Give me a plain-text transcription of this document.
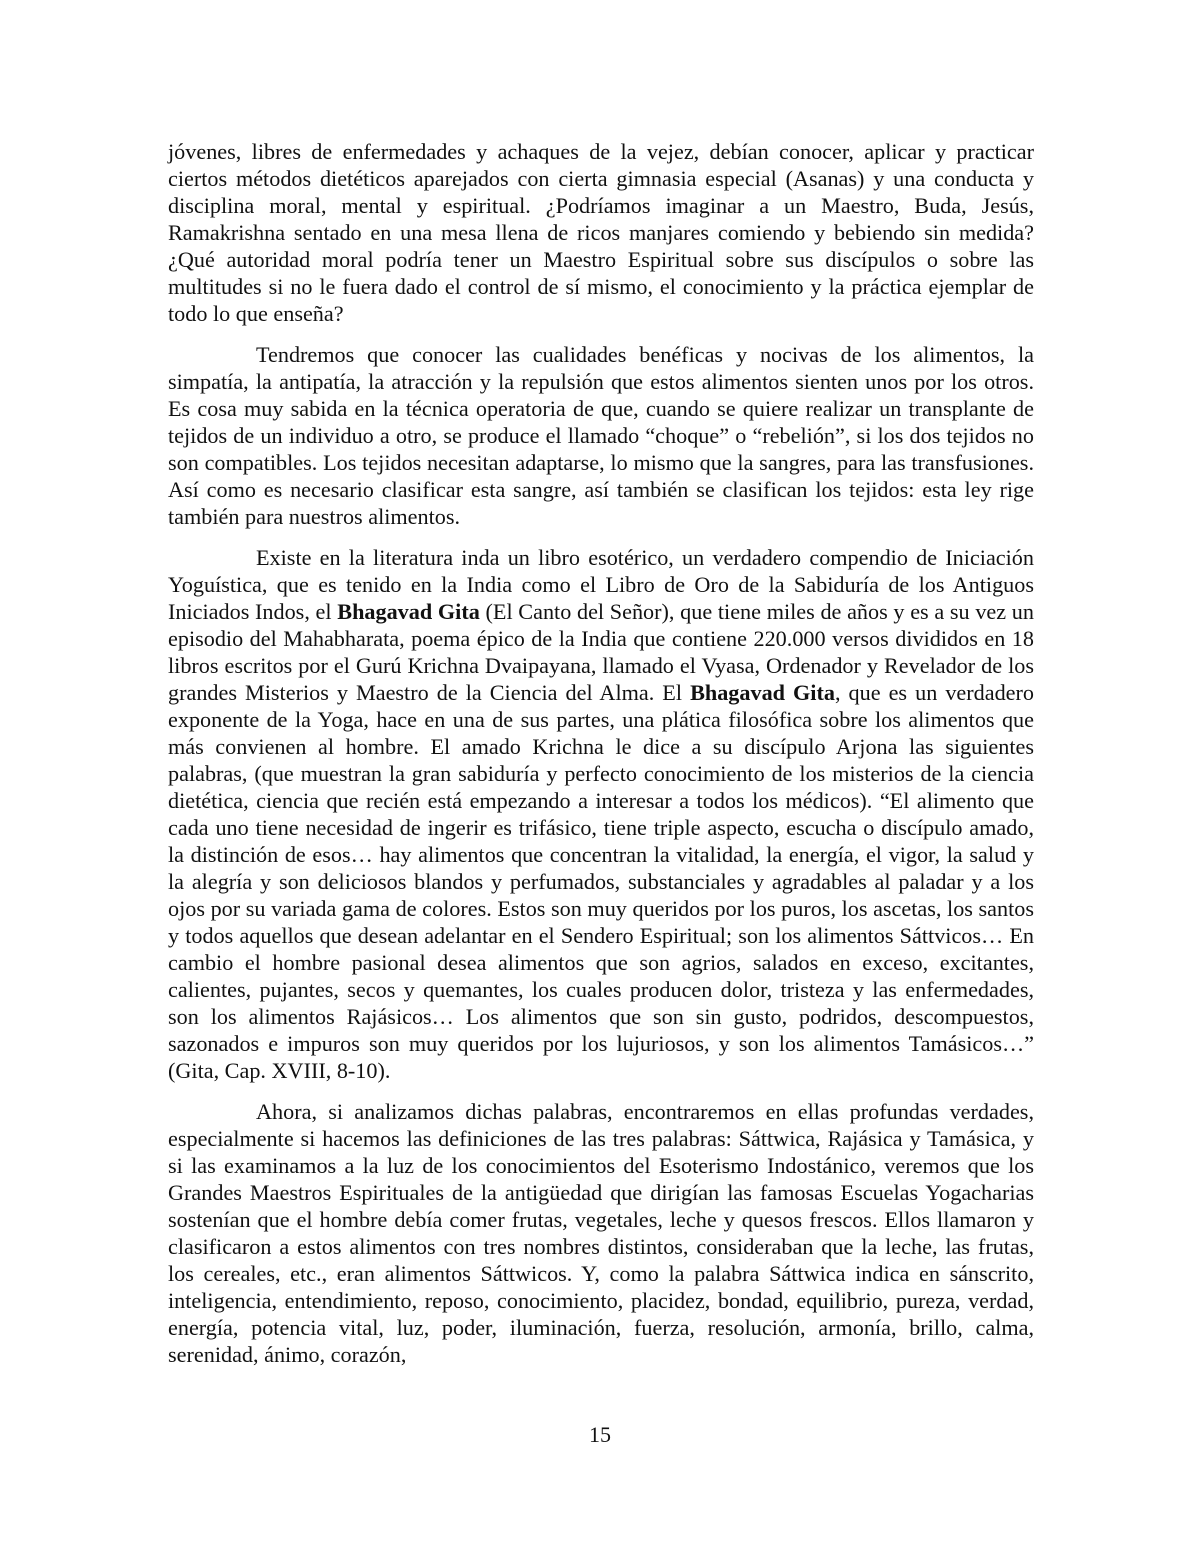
jóvenes, libres de enfermedades y achaques de la vejez, debían conocer, aplicar y practicar ciertos métodos dietéticos aparejados con cierta gimnasia especial (Asanas) y una conducta y disciplina moral, mental y espiritual. ¿Podríamos imaginar a un Maestro, Buda, Jesús, Ramakrishna sentado en una mesa llena de ricos manjares comiendo y bebiendo sin medida? ¿Qué autoridad moral podría tener un Maestro Espiritual sobre sus discípulos o sobre las multitudes si no le fuera dado el control de sí mismo, el conocimiento y la práctica ejemplar de todo lo que enseña?

Tendremos que conocer las cualidades benéficas y nocivas de los alimentos, la simpatía, la antipatía, la atracción y la repulsión que estos alimentos sienten unos por los otros. Es cosa muy sabida en la técnica operatoria de que, cuando se quiere realizar un transplante de tejidos de un individuo a otro, se produce el llamado “choque” o “rebelión”, si los dos tejidos no son compatibles. Los tejidos necesitan adaptarse, lo mismo que la sangres, para las transfusiones. Así como es necesario clasificar esta sangre, así también se clasifican los tejidos: esta ley rige también para nuestros alimentos.

Existe en la literatura inda un libro esotérico, un verdadero compendio de Iniciación Yoguística, que es tenido en la India como el Libro de Oro de la Sabiduría de los Antiguos Iniciados Indos, el Bhagavad Gita (El Canto del Señor), que tiene miles de años y es a su vez un episodio del Mahabharata, poema épico de la India que contiene 220.000 versos divididos en 18 libros escritos por el Gurú Krichna Dvaipayana, llamado el Vyasa, Ordenador y Revelador de los grandes Misterios y Maestro de la Ciencia del Alma. El Bhagavad Gita, que es un verdadero exponente de la Yoga, hace en una de sus partes, una plática filosófica sobre los alimentos que más convienen al hombre. El amado Krichna le dice a su discípulo Arjona las siguientes palabras, (que muestran la gran sabiduría y perfecto conocimiento de los misterios de la ciencia dietética, ciencia que recién está empezando a interesar a todos los médicos). “El alimento que cada uno tiene necesidad de ingerir es trifásico, tiene triple aspecto, escucha o discípulo amado, la distinción de esos… hay alimentos que concentran la vitalidad, la energía, el vigor, la salud y la alegría y son deliciosos blandos y perfumados, substanciales y agradables al paladar y a los ojos por su variada gama de colores. Estos son muy queridos por los puros, los ascetas, los santos y todos aquellos que desean adelantar en el Sendero Espiritual; son los alimentos Sáttvicos… En cambio el hombre pasional desea alimentos que son agrios, salados en exceso, excitantes, calientes, pujantes, secos y quemantes, los cuales producen dolor, tristeza y las enfermedades, son los alimentos Rajásicos… Los alimentos que son sin gusto, podridos, descompuestos, sazonados e impuros son muy queridos por los lujuriosos, y son los alimentos Tamásicos…” (Gita, Cap. XVIII, 8-10).

Ahora, si analizamos dichas palabras, encontraremos en ellas profundas verdades, especialmente si hacemos las definiciones de las tres palabras: Sáttwica, Rajásica y Tamásica, y si las examinamos a la luz de los conocimientos del Esoterismo Indostánico, veremos que los Grandes Maestros Espirituales de la antigüedad que dirigían las famosas Escuelas Yogacharias sostenían que el hombre debía comer frutas, vegetales, leche y quesos frescos. Ellos llamaron y clasificaron a estos alimentos con tres nombres distintos, consideraban que la leche, las frutas, los cereales, etc., eran alimentos Sáttwicos. Y, como la palabra Sáttwica indica en sánscrito, inteligencia, entendimiento, reposo, conocimiento, placidez, bondad, equilibrio, pureza, verdad, energía, potencia vital, luz, poder, iluminación, fuerza, resolución, armonía, brillo, calma, serenidad, ánimo, corazón,

15
